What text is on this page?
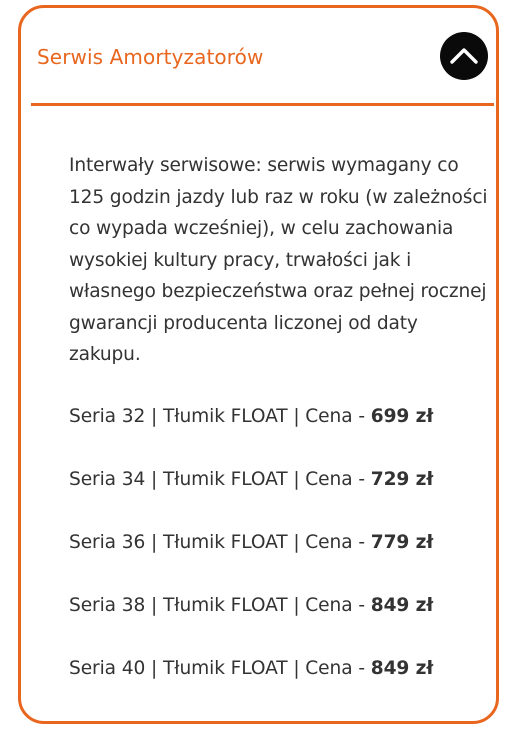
Serwis Amortyzatorów

Interwały serwisowe: serwis wymagany co 125 godzin jazdy lub raz w roku (w zależności co wypada wcześniej), w celu zachowania wysokiej kultury pracy, trwałości jak i własnego bezpieczeństwa oraz pełnej rocznej gwarancji producenta liczonej od daty zakupu.

Seria 32 | Tłumik FLOAT | Cena - 699 zł
Seria 34 | Tłumik FLOAT | Cena - 729 zł
Seria 36 | Tłumik FLOAT | Cena - 779 zł
Seria 38 | Tłumik FLOAT | Cena - 849 zł
Seria 40 | Tłumik FLOAT | Cena - 849 zł
